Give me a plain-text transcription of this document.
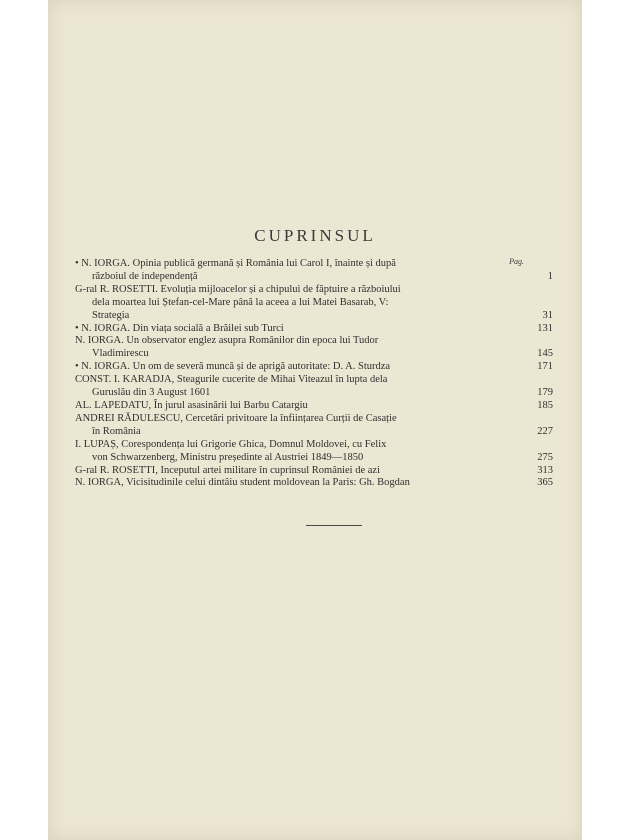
CUPRINSUL
Pag.
• N. IORGA. Opinia publică germană și România lui Carol I, înainte și după
războiul de independență	1
G-ral R. ROSETTI. Evoluția mijloacelor și a chipului de făptuire a războiului
dela moartea lui Ștefan-cel-Mare până la aceea a lui Matei Basarab, V:
Strategia	31
• N. IORGA. Din viața socială a Brăilei sub Turci	131
N. IORGA. Un observator englez asupra Românilor din epoca lui Tudor
Vladimirescu	145
• N. IORGA. Un om de severă muncă și de aprigă autoritate: D. A. Sturdza	171
CONST. I. KARADJA, Steagurile cucerite de Mihai Viteazul în lupta dela
Guruslău din 3 August 1601	179
AL. LAPEDATU, În jurul asasinării lui Barbu Catargiu	185
ANDREI RĂDULESCU, Cercetări privitoare la înființarea Curții de Casație
în România	227
I. LUPAȘ, Corespondența lui Grigorie Ghica, Domnul Moldovei, cu Felix
von Schwarzenberg, Ministru președinte al Austriei 1849—1850	275
G-ral R. ROSETTI, Inceputul artei militare în cuprinsul României de azi	313
N. IORGA, Vicisitudinile celui dintâiu student moldovean la Paris: Gh. Bogdan	365
